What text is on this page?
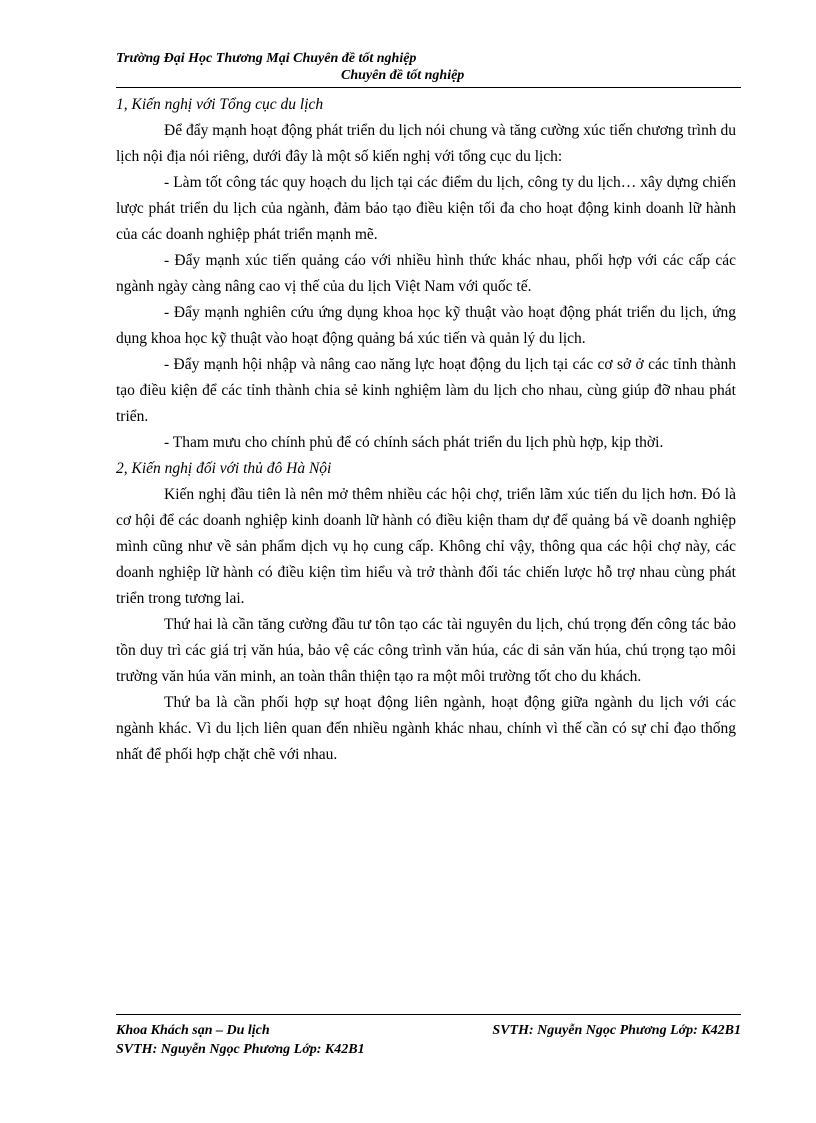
Trường Đại Học Thương Mại Chuyên đề tốt nghiệp
Chuyên đề tốt nghiệp

1, Kiến nghị với Tổng cục du lịch

Để đẩy mạnh hoạt động phát triển du lịch nói chung và tăng cường xúc tiến chương trình du lịch nội địa nói riêng, dưới đây là một số kiến nghị với tổng cục du lịch:

- Làm tốt công tác quy hoạch du lịch tại các điểm du lịch, công ty du lịch… xây dựng chiến lược phát triển du lịch của ngành, đảm bảo tạo điều kiện tối đa cho hoạt động kinh doanh lữ hành của các doanh nghiệp phát triển mạnh mẽ.

- Đẩy mạnh xúc tiến quảng cáo với nhiều hình thức khác nhau, phối hợp với các cấp các ngành ngày càng nâng cao vị thế của du lịch Việt Nam với quốc tế.

- Đẩy mạnh nghiên cứu ứng dụng khoa học kỹ thuật vào hoạt động phát triển du lịch, ứng dụng khoa học kỹ thuật vào hoạt động quảng bá xúc tiến và quản lý du lịch.

- Đẩy mạnh hội nhập và nâng cao năng lực hoạt động du lịch tại các cơ sở ở các tỉnh thành tạo điều kiện để các tỉnh thành chia sẻ kinh nghiệm làm du lịch cho nhau, cùng giúp đỡ nhau phát triển.

- Tham mưu cho chính phủ để có chính sách phát triển du lịch phù hợp, kịp thời.

2, Kiến nghị đối với thủ đô Hà Nội

Kiến nghị đầu tiên là nên mở thêm nhiều các hội chợ, triển lãm xúc tiến du lịch hơn. Đó là cơ hội để các doanh nghiệp kinh doanh lữ hành có điều kiện tham dự để quảng bá về doanh nghiệp mình cũng như về sản phẩm dịch vụ họ cung cấp. Không chỉ vậy, thông qua các hội chợ này, các doanh nghiệp lữ hành có điều kiện tìm hiểu và trở thành đối tác chiến lược hỗ trợ nhau cùng phát triển trong tương lai.

Thứ hai là cần tăng cường đầu tư tôn tạo các tài nguyên du lịch, chú trọng đến công tác bảo tồn duy trì các giá trị văn húa, bảo vệ các công trình văn húa, các di sản văn húa, chú trọng tạo môi trường văn húa văn minh, an toàn thân thiện tạo ra một môi trường tốt cho du khách.

Thứ ba là cần phối hợp sự hoạt động liên ngành, hoạt động giữa ngành du lịch với các ngành khác. Vì du lịch liên quan đến nhiều ngành khác nhau, chính vì thế cần có sự chỉ đạo thống nhất để phối hợp chặt chẽ với nhau.

Khoa Khách sạn – Du lịch	SVTH: Nguyễn Ngọc Phương Lớp: K42B1
SVTH: Nguyễn Ngọc Phương Lớp: K42B1
